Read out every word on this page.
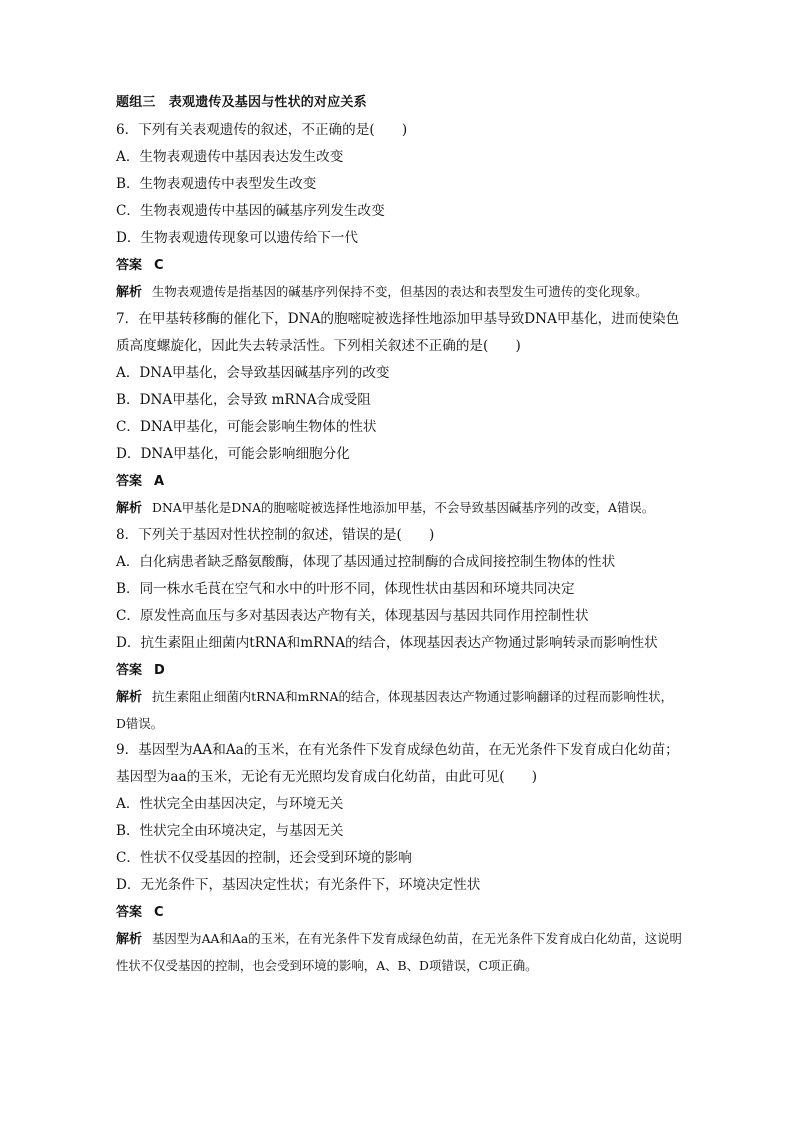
题组三　表观遗传及基因与性状的对应关系

6．下列有关表观遗传的叙述，不正确的是(　　)

A．生物表观遗传中基因表达发生改变

B．生物表观遗传中表型发生改变

C．生物表观遗传中基因的碱基序列发生改变

D．生物表观遗传现象可以遗传给下一代

答案 C

解析 生物表观遗传是指基因的碱基序列保持不变，但基因的表达和表型发生可遗传的变化现象。

7．在甲基转移酶的催化下，DNA的胞嘧啶被选择性地添加甲基导致DNA甲基化，进而使染色质高度螺旋化，因此失去转录活性。下列相关叙述不正确的是(　　)

A．DNA甲基化，会导致基因碱基序列的改变

B．DNA甲基化，会导致 mRNA合成受阻

C．DNA甲基化，可能会影响生物体的性状

D．DNA甲基化，可能会影响细胞分化

答案 A

解析 DNA甲基化是DNA的胞嘧啶被选择性地添加甲基，不会导致基因碱基序列的改变，A错误。

8．下列关于基因对性状控制的叙述，错误的是(　　)

A．白化病患者缺乏酪氨酸酶，体现了基因通过控制酶的合成间接控制生物体的性状

B．同一株水毛茛在空气和水中的叶形不同，体现性状由基因和环境共同决定

C．原发性高血压与多对基因表达产物有关，体现基因与基因共同作用控制性状

D．抗生素阻止细菌内tRNA和mRNA的结合，体现基因表达产物通过影响转录而影响性状

答案 D

解析 抗生素阻止细菌内tRNA和mRNA的结合，体现基因表达产物通过影响翻译的过程而影响性状，D错误。

9．基因型为AA和Aa的玉米，在有光条件下发育成绿色幼苗，在无光条件下发育成白化幼苗；基因型为aa的玉米，无论有无光照均发育成白化幼苗，由此可见(　　)

A．性状完全由基因决定，与环境无关

B．性状完全由环境决定，与基因无关

C．性状不仅受基因的控制，还会受到环境的影响

D．无光条件下，基因决定性状；有光条件下，环境决定性状

答案 C

解析 基因型为AA和Aa的玉米，在有光条件下发育成绿色幼苗，在无光条件下发育成白化幼苗，这说明性状不仅受基因的控制，也会受到环境的影响，A、B、D项错误，C项正确。
